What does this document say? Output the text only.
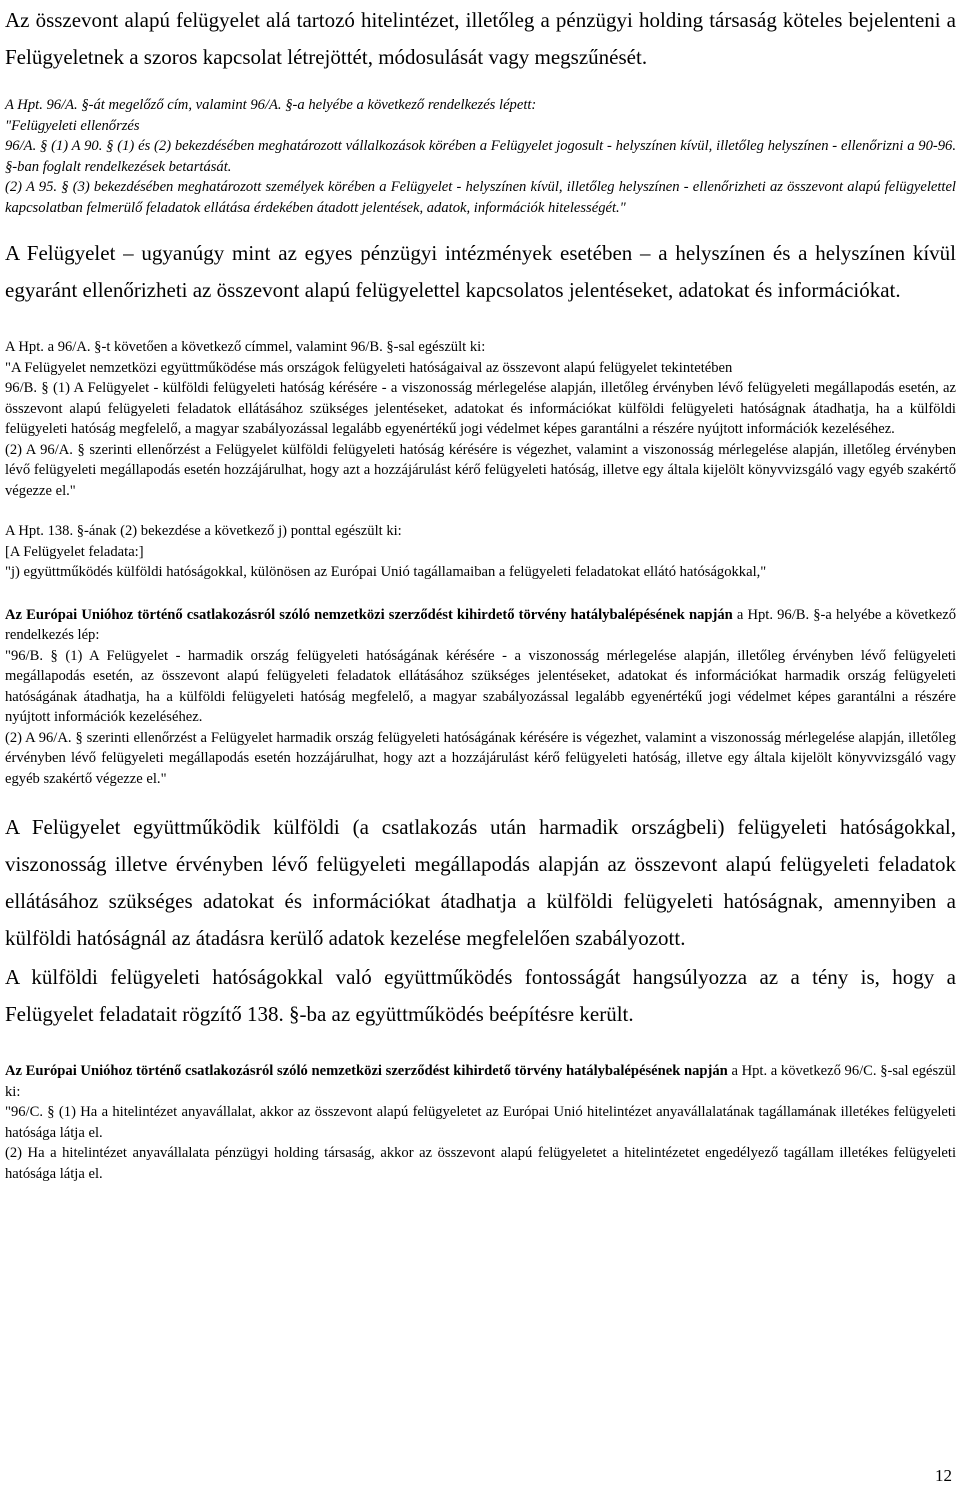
Az összevont alapú felügyelet alá tartozó hitelintézet, illetőleg a pénzügyi holding társaság köteles bejelenteni a Felügyeletnek a szoros kapcsolat létrejöttét, módosulását vagy megszűnését.

A Hpt. 96/A. §-át megelőző cím, valamint 96/A. §-a helyébe a következő rendelkezés lépett:

"Felügyeleti ellenőrzés

96/A. § (1) A 90. § (1) és (2) bekezdésében meghatározott vállalkozások körében a Felügyelet jogosult - helyszínen kívül, illetőleg helyszínen - ellenőrizni a 90-96. §-ban foglalt rendelkezések betartását.

(2) A 95. § (3) bekezdésében meghatározott személyek körében a Felügyelet - helyszínen kívül, illetőleg helyszínen - ellenőrizheti az összevont alapú felügyelettel kapcsolatban felmerülő feladatok ellátása érdekében átadott jelentések, adatok, információk hitelességét."

A Felügyelet – ugyanúgy mint az egyes pénzügyi intézmények esetében – a helyszínen és a helyszínen kívül egyaránt ellenőrizheti az összevont alapú felügyelettel kapcsolatos jelentéseket, adatokat és információkat.

A Hpt. a 96/A. §-t követően a következő címmel, valamint 96/B. §-sal egészült ki:

"A Felügyelet nemzetközi együttműködése más országok felügyeleti hatóságaival az összevont alapú felügyelet tekintetében

96/B. § (1) A Felügyelet - külföldi felügyeleti hatóság kérésére - a viszonosság mérlegelése alapján, illetőleg érvényben lévő felügyeleti megállapodás esetén, az összevont alapú felügyeleti feladatok ellátásához szükséges jelentéseket, adatokat és információkat külföldi felügyeleti hatóságnak átadhatja, ha a külföldi felügyeleti hatóság megfelelő, a magyar szabályozással legalább egyenértékű jogi védelmet képes garantálni a részére nyújtott információk kezeléséhez.

(2) A 96/A. § szerinti ellenőrzést a Felügyelet külföldi felügyeleti hatóság kérésére is végezhet, valamint a viszonosság mérlegelése alapján, illetőleg érvényben lévő felügyeleti megállapodás esetén hozzájárulhat, hogy azt a hozzájárulást kérő felügyeleti hatóság, illetve egy általa kijelölt könyvvizsgáló vagy egyéb szakértő végezze el."

A Hpt. 138. §-ának (2) bekezdése a következő j) ponttal egészült ki:

[A Felügyelet feladata:]

"j) együttműködés külföldi hatóságokkal, különösen az Európai Unió tagállamaiban a felügyeleti feladatokat ellátó hatóságokkal,"

Az Európai Unióhoz történő csatlakozásról szóló nemzetközi szerződést kihirdető törvény hatálybalépésének napján a Hpt. 96/B. §-a helyébe a következő rendelkezés lép:

"96/B. § (1) A Felügyelet - harmadik ország felügyeleti hatóságának kérésére - a viszonosság mérlegelése alapján, illetőleg érvényben lévő felügyeleti megállapodás esetén, az összevont alapú felügyeleti feladatok ellátásához szükséges jelentéseket, adatokat és információkat harmadik ország felügyeleti hatóságának átadhatja, ha a külföldi felügyeleti hatóság megfelelő, a magyar szabályozással legalább egyenértékű jogi védelmet képes garantálni a részére nyújtott információk kezeléséhez.

(2) A 96/A. § szerinti ellenőrzést a Felügyelet harmadik ország felügyeleti hatóságának kérésére is végezhet, valamint a viszonosság mérlegelése alapján, illetőleg érvényben lévő felügyeleti megállapodás esetén hozzájárulhat, hogy azt a hozzájárulást kérő felügyeleti hatóság, illetve egy általa kijelölt könyvvizsgáló vagy egyéb szakértő végezze el."

A Felügyelet együttműködik külföldi (a csatlakozás után harmadik országbeli) felügyeleti hatóságokkal, viszonosság illetve érvényben lévő felügyeleti megállapodás alapján az összevont alapú felügyeleti feladatok ellátásához szükséges adatokat és információkat átadhatja a külföldi felügyeleti hatóságnak, amennyiben a külföldi hatóságnál az átadásra kerülő adatok kezelése megfelelően szabályozott.

A külföldi felügyeleti hatóságokkal való együttműködés fontosságát hangsúlyozza az a tény is, hogy a Felügyelet feladatait rögzítő 138. §-ba az együttműködés beépítésre került.

Az Európai Unióhoz történő csatlakozásról szóló nemzetközi szerződést kihirdető törvény hatálybalépésének napján a Hpt. a következő 96/C. §-sal egészül ki:

"96/C. § (1) Ha a hitelintézet anyavállalat, akkor az összevont alapú felügyeletet az Európai Unió hitelintézet anyavállalatának tagállamának illetékes felügyeleti hatósága látja el.

(2) Ha a hitelintézet anyavállalata pénzügyi holding társaság, akkor az összevont alapú felügyeletet a hitelintézetet engedélyező tagállam illetékes felügyeleti hatósága látja el.

12
